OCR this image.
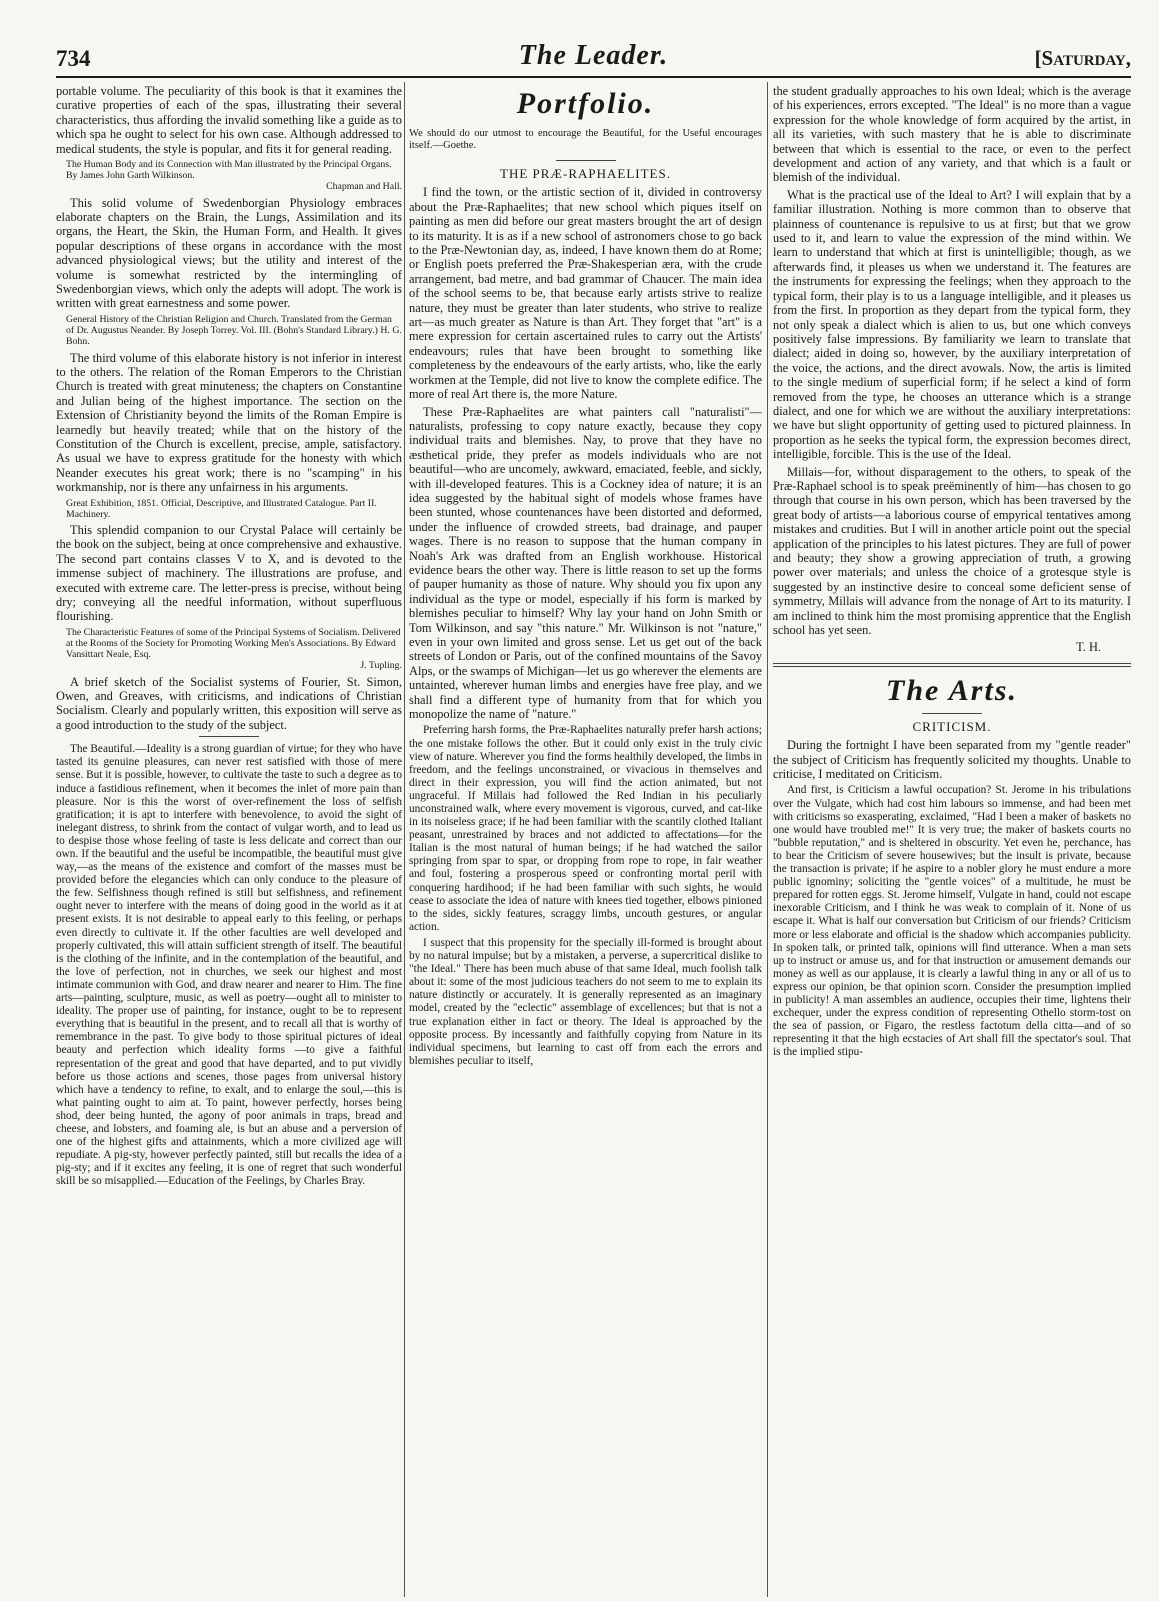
734	The Leader.	[Saturday,

portable volume. The peculiarity of this book is that it examines the curative properties of each of the spas, illustrating their several characteristics, thus affording the invalid something like a guide as to which spa he ought to select for his own case. Although addressed to medical students, the style is popular, and fits it for general reading.

The Human Body and its Connection with Man illustrated by the Principal Organs. By James John Garth Wilkinson.
Chapman and Hall.

This solid volume of Swedenborgian Physiology embraces elaborate chapters on the Brain, the Lungs, Assimilation and its organs, the Heart, the Skin, the Human Form, and Health. It gives popular descriptions of these organs in accordance with the most advanced physiological views; but the utility and interest of the volume is somewhat restricted by the intermingling of Swedenborgian views, which only the adepts will adopt. The work is written with great earnestness and some power.

General History of the Christian Religion and Church. Translated from the German of Dr. Augustus Neander. By Joseph Torrey. Vol. III. (Bohn's Standard Library.) H. G. Bohn.

The third volume of this elaborate history is not inferior in interest to the others. The relation of the Roman Emperors to the Christian Church is treated with great minuteness; the chapters on Constantine and Julian being of the highest importance. The section on the Extension of Christianity beyond the limits of the Roman Empire is learnedly but heavily treated; while that on the history of the Constitution of the Church is excellent, precise, ample, satisfactory. As usual we have to express gratitude for the honesty with which Neander executes his great work; there is no "scamping" in his workmanship, nor is there any unfairness in his arguments.

Great Exhibition, 1851. Official, Descriptive, and Illustrated Catalogue. Part II. Machinery.

This splendid companion to our Crystal Palace will certainly be the book on the subject, being at once comprehensive and exhaustive. The second part contains classes V to X, and is devoted to the immense subject of machinery. The illustrations are profuse, and executed with extreme care. The letter-press is precise, without being dry; conveying all the needful information, without superfluous flourishing.

The Characteristic Features of some of the Principal Systems of Socialism. Delivered at the Rooms of the Society for Promoting Working Men's Associations. By Edward Vansittart Neale, Esq.
J. Tupling.

A brief sketch of the Socialist systems of Fourier, St. Simon, Owen, and Greaves, with criticisms, and indications of Christian Socialism. Clearly and popularly written, this exposition will serve as a good introduction to the study of the subject.

The Beautiful.—Ideality is a strong guardian of virtue; for they who have tasted its genuine pleasures, can never rest satisfied with those of mere sense. But it is possible, however, to cultivate the taste to such a degree as to induce a fastidious refinement, when it becomes the inlet of more pain than pleasure. Nor is this the worst of over-refinement the loss of selfish gratification; it is apt to interfere with benevolence, to avoid the sight of inelegant distress, to shrink from the contact of vulgar worth, and to lead us to despise those whose feeling of taste is less delicate and correct than our own. If the beautiful and the useful be incompatible, the beautiful must give way,—as the means of the existence and comfort of the masses must be provided before the elegancies which can only conduce to the pleasure of the few. Selfishness though refined is still but selfishness, and refinement ought never to interfere with the means of doing good in the world as it at present exists. It is not desirable to appeal early to this feeling, or perhaps even directly to cultivate it. If the other faculties are well developed and properly cultivated, this will attain sufficient strength of itself. The beautiful is the clothing of the infinite, and in the contemplation of the beautiful, and the love of perfection, not in churches, we seek our highest and most intimate communion with God, and draw nearer and nearer to Him. The fine arts—painting, sculpture, music, as well as poetry—ought all to minister to ideality. The proper use of painting, for instance, ought to be to represent everything that is beautiful in the present, and to recall all that is worthy of remembrance in the past. To give body to those spiritual pictures of ideal beauty and perfection which ideality forms —to give a faithful representation of the great and good that have departed, and to put vividly before us those actions and scenes, those pages from universal history which have a tendency to refine, to exalt, and to enlarge the soul,—this is what painting ought to aim at. To paint, however perfectly, horses being shod, deer being hunted, the agony of poor animals in traps, bread and cheese, and lobsters, and foaming ale, is but an abuse and a perversion of one of the highest gifts and attainments, which a more civilized age will repudiate. A pig-sty, however perfectly painted, still but recalls the idea of a pig-sty; and if it excites any feeling, it is one of regret that such wonderful skill be so misapplied.—Education of the Feelings, by Charles Bray.

Portfolio.

We should do our utmost to encourage the Beautiful, for the Useful encourages itself.—Goethe.

THE PRÆ-RAPHAELITES.

I find the town, or the artistic section of it, divided in controversy about the Præ-Raphaelites; that new school which piques itself on painting as men did before our great masters brought the art of design to its maturity. It is as if a new school of astronomers chose to go back to the Præ-Newtonian day, as, indeed, I have known them do at Rome; or English poets preferred the Præ-Shakesperian æra, with the crude arrangement, bad metre, and bad grammar of Chaucer. The main idea of the school seems to be, that because early artists strive to realize nature, they must be greater than later students, who strive to realize art—as much greater as Nature is than Art. They forget that "art" is a mere expression for certain ascertained rules to carry out the Artists' endeavours; rules that have been brought to something like completeness by the endeavours of the early artists, who, like the early workmen at the Temple, did not live to know the complete edifice. The more of real Art there is, the more Nature.

These Præ-Raphaelites are what painters call "naturalisti"—naturalists, professing to copy nature exactly, because they copy individual traits and blemishes. Nay, to prove that they have no æsthetical pride, they prefer as models individuals who are not beautiful—who are uncomely, awkward, emaciated, feeble, and sickly, with ill-developed features. This is a Cockney idea of nature; it is an idea suggested by the habitual sight of models whose frames have been stunted, whose countenances have been distorted and deformed, under the influence of crowded streets, bad drainage, and pauper wages. There is no reason to suppose that the human company in Noah's Ark was drafted from an English workhouse. Historical evidence bears the other way. There is little reason to set up the forms of pauper humanity as those of nature. Why should you fix upon any individual as the type or model, especially if his form is marked by blemishes peculiar to himself? Why lay your hand on John Smith or Tom Wilkinson, and say "this nature." Mr. Wilkinson is not "nature," even in your own limited and gross sense. Let us get out of the back streets of London or Paris, out of the confined mountains of the Savoy Alps, or the swamps of Michigan—let us go wherever the elements are untainted, wherever human limbs and energies have free play, and we shall find a different type of humanity from that for which you monopolize the name of "nature."

Preferring harsh forms, the Præ-Raphaelites naturally prefer harsh actions; the one mistake follows the other. But it could only exist in the truly civic view of nature. Wherever you find the forms healthily developed, the limbs in freedom, and the feelings unconstrained, or vivacious in themselves and direct in their expression, you will find the action animated, but not ungraceful. If Millais had followed the Red Indian in his peculiarly unconstrained walk, where every movement is vigorous, curved, and cat-like in its noiseless grace; if he had been familiar with the scantily clothed Italiant peasant, unrestrained by braces and not addicted to affectations—for the Italian is the most natural of human beings; if he had watched the sailor springing from spar to spar, or dropping from rope to rope, in fair weather and foul, fostering a prosperous speed or confronting mortal peril with conquering hardihood; if he had been familiar with such sights, he would cease to associate the idea of nature with knees tied together, elbows pinioned to the sides, sickly features, scraggy limbs, uncouth gestures, or angular action.

I suspect that this propensity for the specially ill-formed is brought about by no natural impulse; but by a mistaken, a perverse, a supercritical dislike to "the Ideal." There has been much abuse of that same Ideal, much foolish talk about it: some of the most judicious teachers do not seem to me to explain its nature distinctly or accurately. It is generally represented as an imaginary model, created by the "eclectic" assemblage of excellences; but that is not a true explanation either in fact or theory. The Ideal is approached by the opposite process. By incessantly and faithfully copying from Nature in its individual specimens, but learning to cast off from each the errors and blemishes peculiar to itself,

the student gradually approaches to his own Ideal; which is the average of his experiences, errors excepted. "The Ideal" is no more than a vague expression for the whole knowledge of form acquired by the artist, in all its varieties, with such mastery that he is able to discriminate between that which is essential to the race, or even to the perfect development and action of any variety, and that which is a fault or blemish of the individual.

What is the practical use of the Ideal to Art? I will explain that by a familiar illustration. Nothing is more common than to observe that plainness of countenance is repulsive to us at first; but that we grow used to it, and learn to value the expression of the mind within. We learn to understand that which at first is unintelligible; though, as we afterwards find, it pleases us when we understand it. The features are the instruments for expressing the feelings; when they approach to the typical form, their play is to us a language intelligible, and it pleases us from the first. In proportion as they depart from the typical form, they not only speak a dialect which is alien to us, but one which conveys positively false impressions. By familiarity we learn to translate that dialect; aided in doing so, however, by the auxiliary interpretation of the voice, the actions, and the direct avowals. Now, the artis is limited to the single medium of superficial form; if he select a kind of form removed from the type, he chooses an utterance which is a strange dialect, and one for which we are without the auxiliary interpretations: we have but slight opportunity of getting used to pictured plainness. In proportion as he seeks the typical form, the expression becomes direct, intelligible, forcible. This is the use of the Ideal.

Millais—for, without disparagement to the others, to speak of the Præ-Raphael school is to speak preëminently of him—has chosen to go through that course in his own person, which has been traversed by the great body of artists—a laborious course of empyrical tentatives among mistakes and crudities. But I will in another article point out the special application of the principles to his latest pictures. They are full of power and beauty; they show a growing appreciation of truth, a growing power over materials; and unless the choice of a grotesque style is suggested by an instinctive desire to conceal some deficient sense of symmetry, Millais will advance from the nonage of Art to its maturity. I am inclined to think him the most promising apprentice that the English school has yet seen.

T. H.
The Arts.

CRITICISM.

During the fortnight I have been separated from my "gentle reader" the subject of Criticism has frequently solicited my thoughts. Unable to criticise, I meditated on Criticism.

And first, is Criticism a lawful occupation? St. Jerome in his tribulations over the Vulgate, which had cost him labours so immense, and had been met with criticisms so exasperating, exclaimed, "Had I been a maker of baskets no one would have troubled me!" It is very true; the maker of baskets courts no "bubble reputation," and is sheltered in obscurity. Yet even he, perchance, has to bear the Criticism of severe housewives; but the insult is private, because the transaction is private; if he aspire to a nobler glory he must endure a more public ignominy; soliciting the "gentle voices" of a multitude, he must be prepared for rotten eggs. St. Jerome himself, Vulgate in hand, could not escape inexorable Criticism, and I think he was weak to complain of it. None of us escape it. What is half our conversation but Criticism of our friends? Criticism more or less elaborate and official is the shadow which accompanies publicity. In spoken talk, or printed talk, opinions will find utterance. When a man sets up to instruct or amuse us, and for that instruction or amusement demands our money as well as our applause, it is clearly a lawful thing in any or all of us to express our opinion, be that opinion scorn. Consider the presumption implied in publicity! A man assembles an audience, occupies their time, lightens their exchequer, under the express condition of representing Othello storm-tost on the sea of passion, or Figaro, the restless factotum della citta—and of so representing it that the high ecstacies of Art shall fill the spectator's soul. That is the implied stipu-
